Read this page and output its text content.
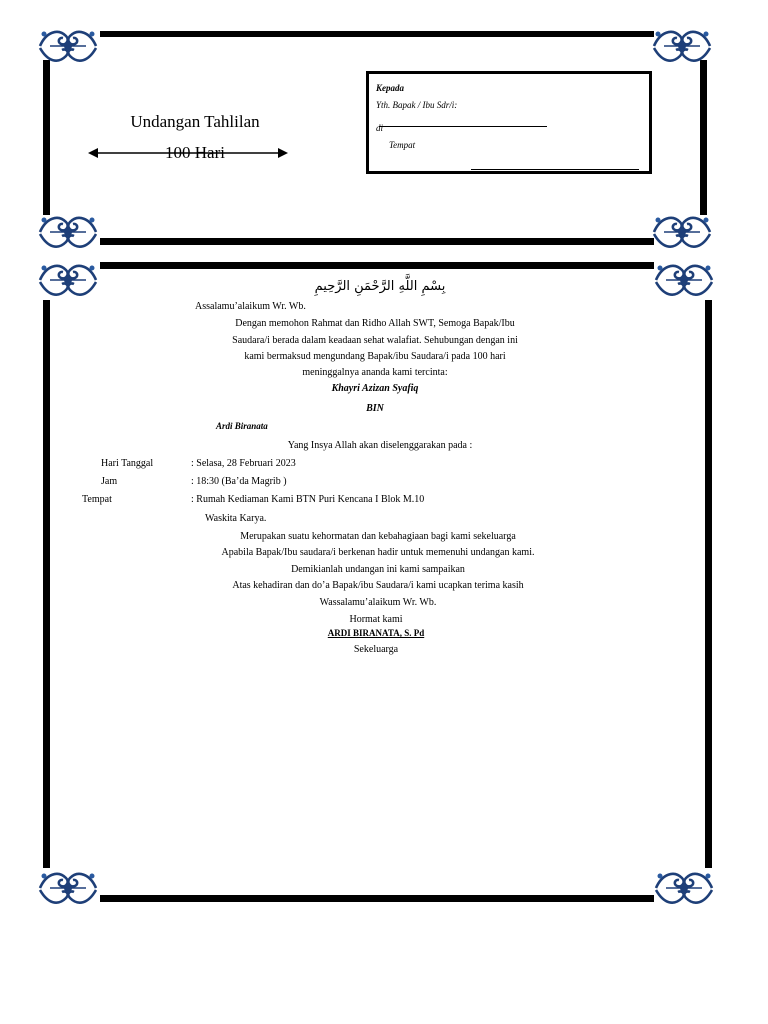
Undangan Tahlilan
100 Hari
Kepada
Yth. Bapak / Ibu Sdr/i:
di
Tempat
بِسْمِ اللَّهِ الرَّحْمَنِ الرَّحِيمِ
Assalamu’alaikum Wr. Wb.
Dengan memohon Rahmat dan Ridho Allah SWT, Semoga Bapak/Ibu
Saudara/i berada dalam keadaan sehat walafiat. Sehubungan dengan ini
kami bermaksud mengundang Bapak/ibu Saudara/i pada 100 hari
meninggalnya ananda kami tercinta:
Khayri Azizan Syafiq
BIN
Ardi Biranata
Yang Insya Allah akan diselenggarakan pada :
Hari Tanggal	: Selasa, 28 Februari 2023
Jam	: 18:30 (Ba’da Magrib )
Tempat	: Rumah Kediaman Kami BTN Puri Kencana I Blok M.10
Waskita Karya.
Merupakan suatu kehormatan dan kebahagiaan bagi kami sekeluarga
Apabila Bapak/Ibu saudara/i berkenan hadir untuk memenuhi undangan kami.
Demikianlah undangan ini kami sampaikan
Atas kehadiran dan do’a Bapak/ibu Saudara/i kami ucapkan terima kasih
Wassalamu’alaikum Wr. Wb.
Hormat kami
ARDI BIRANATA, S. Pd
Sekeluarga
